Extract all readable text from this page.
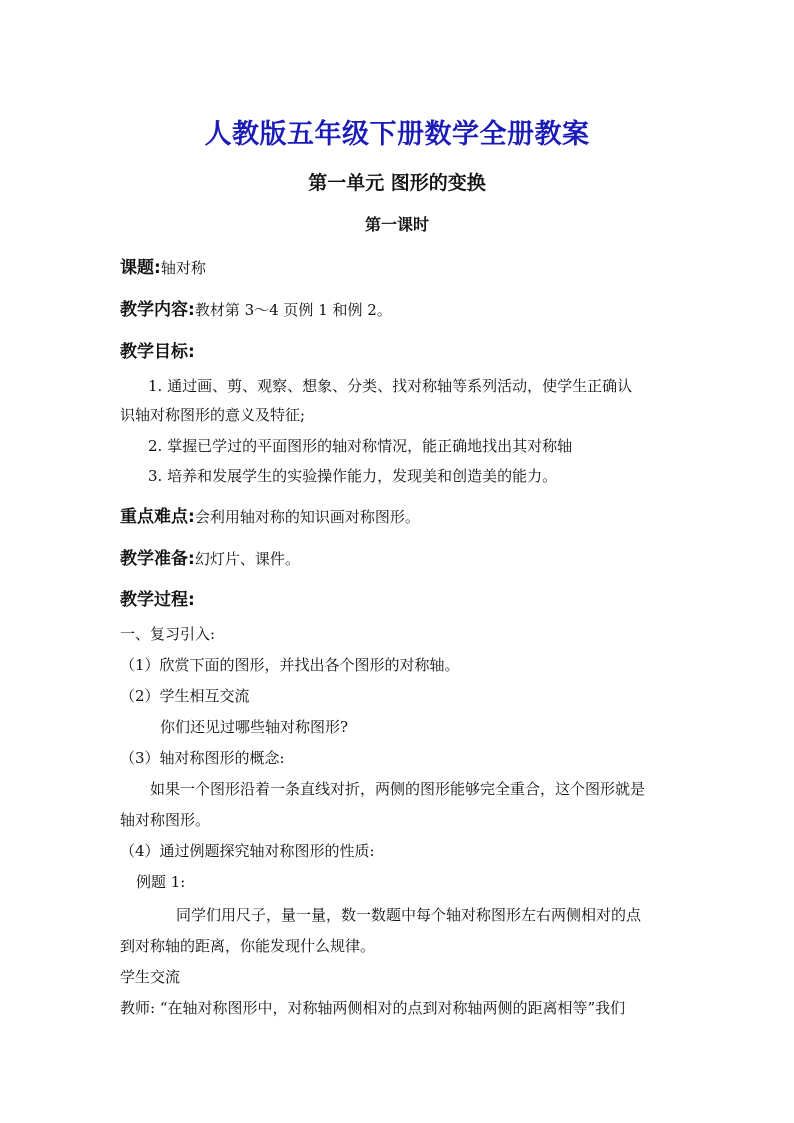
人教版五年级下册数学全册教案
第一单元 图形的变换
第一课时
课题:轴对称
教学内容:教材第 3～4 页例 1 和例 2。
教学目标:
1. 通过画、剪、观察、想象、分类、找对称轴等系列活动，使学生正确认
识轴对称图形的意义及特征;
2. 掌握已学过的平面图形的轴对称情况，能正确地找出其对称轴
3. 培养和发展学生的实验操作能力，发现美和创造美的能力。
重点难点:会利用轴对称的知识画对称图形。
教学准备:幻灯片、课件。
教学过程:
一、复习引入:
（1）欣赏下面的图形，并找出各个图形的对称轴。
（2）学生相互交流
你们还见过哪些轴对称图形?
（3）轴对称图形的概念:
如果一个图形沿着一条直线对折，两侧的图形能够完全重合，这个图形就是
轴对称图形。
（4）通过例题探究轴对称图形的性质:
例题 1:
同学们用尺子，量一量，数一数题中每个轴对称图形左右两侧相对的点
到对称轴的距离，你能发现什么规律。
学生交流
教师: “在轴对称图形中，对称轴两侧相对的点到对称轴两侧的距离相等”我们
